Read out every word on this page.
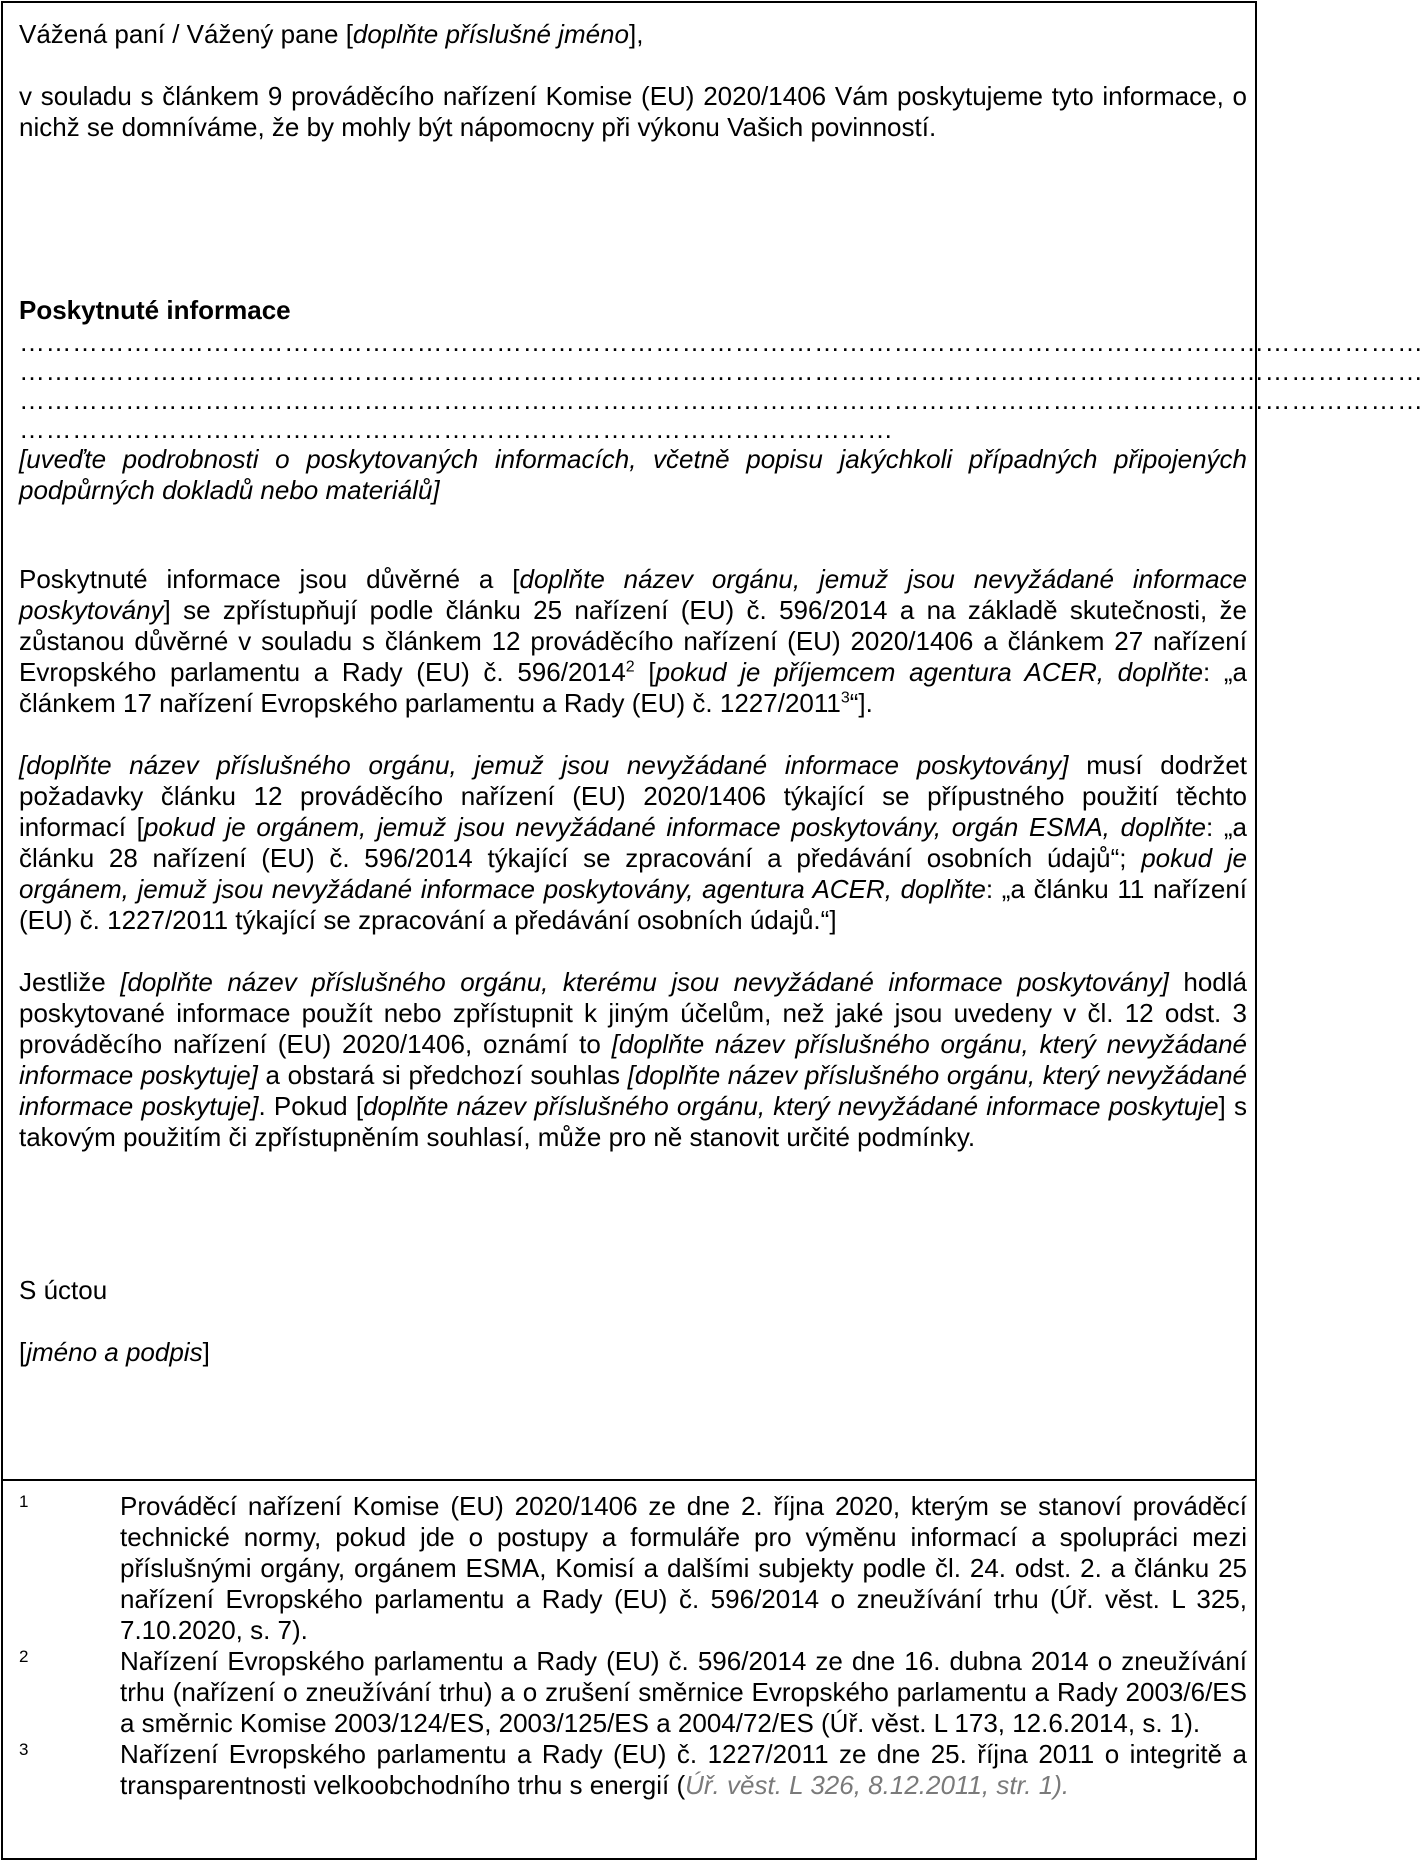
Vážená paní / Vážený pane [doplňte příslušné jméno],

v souladu s článkem 9 prováděcího nařízení Komise (EU) 2020/1406 Vám poskytujeme tyto informace, o nichž se domníváme, že by mohly být nápomocny při výkonu Vašich povinností.

Poskytnuté informace

……………………………………………………………………………………………………………………………………………
……………………………………………………………………………………………………………………………………………
……………………………………………………………………………………………………………………………………………
………………………………………………………………………………………

[uveďte podrobnosti o poskytovaných informacích, včetně popisu jakýchkoli případných připojených podpůrných dokladů nebo materiálů]

Poskytnuté informace jsou důvěrné a [doplňte název orgánu, jemuž jsou nevyžádané informace poskytovány] se zpřístupňují podle článku 25 nařízení (EU) č. 596/2014 a na základě skutečnosti, že zůstanou důvěrné v souladu s článkem 12 prováděcího nařízení (EU) 2020/1406 a článkem 27 nařízení Evropského parlamentu a Rady (EU) č. 596/2014$^2$ [pokud je příjemcem agentura ACER, doplňte: „a článkem 17 nařízení Evropského parlamentu a Rady (EU) č. 1227/2011$^3$“].

[doplňte název příslušného orgánu, jemuž jsou nevyžádané informace poskytovány] musí dodržet požadavky článku 12 prováděcího nařízení (EU) 2020/1406 týkající se přípustného použití těchto informací [pokud je orgánem, jemuž jsou nevyžádané informace poskytovány, orgán ESMA, doplňte: „a článku 28 nařízení (EU) č. 596/2014 týkající se zpracování a předávání osobních údajů“; pokud je orgánem, jemuž jsou nevyžádané informace poskytovány, agentura ACER, doplňte: „a článku 11 nařízení (EU) č. 1227/2011 týkající se zpracování a předávání osobních údajů.“]

Jestliže [doplňte název příslušného orgánu, kterému jsou nevyžádané informace poskytovány] hodlá poskytované informace použít nebo zpřístupnit k jiným účelům, než jaké jsou uvedeny v čl. 12 odst. 3 prováděcího nařízení (EU) 2020/1406, oznámí to [doplňte název příslušného orgánu, který nevyžádané informace poskytuje] a obstará si předchozí souhlas [doplňte název příslušného orgánu, který nevyžádané informace poskytuje]. Pokud [doplňte název příslušného orgánu, který nevyžádané informace poskytuje] s takovým použitím či zpřístupněním souhlasí, může pro ně stanovit určité podmínky.

S úctou

[jméno a podpis]

1	Prováděcí nařízení Komise (EU) 2020/1406 ze dne 2. října 2020, kterým se stanoví prováděcí technické normy, pokud jde o postupy a formuláře pro výměnu informací a spolupráci mezi příslušnými orgány, orgánem ESMA, Komisí a dalšími subjekty podle čl. 24. odst. 2. a článku 25 nařízení Evropského parlamentu a Rady (EU) č. 596/2014 o zneužívání trhu (Úř. věst. L 325, 7.10.2020, s. 7).
2	Nařízení Evropského parlamentu a Rady (EU) č. 596/2014 ze dne 16. dubna 2014 o zneužívání trhu (nařízení o zneužívání trhu) a o zrušení směrnice Evropského parlamentu a Rady 2003/6/ES a směrnic Komise 2003/124/ES, 2003/125/ES a 2004/72/ES (Úř. věst. L 173, 12.6.2014, s. 1).
3	Nařízení Evropského parlamentu a Rady (EU) č. 1227/2011 ze dne 25. října 2011 o integritě a transparentnosti velkoobchodního trhu s energií (Úř. věst. L 326, 8.12.2011, str. 1).
